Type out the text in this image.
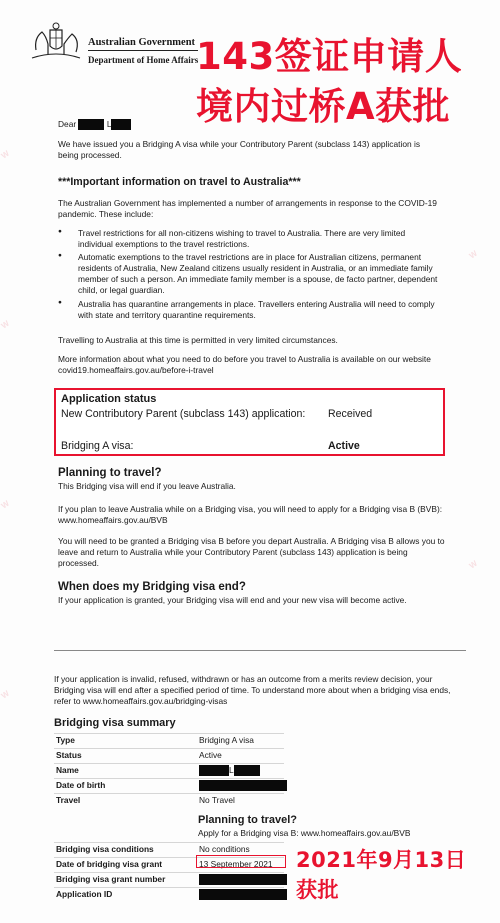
W
W
W
W
W
W
Australian Government
Department of Home Affairs
143签证申请人
境内过桥A获批
Dear	L
We have issued you a Bridging A visa while your Contributory Parent (subclass 143) application is being processed.
***Important information on travel to Australia***
The Australian Government has implemented a number of arrangements in response to the COVID-19 pandemic. These include:
● Travel restrictions for all non-citizens wishing to travel to Australia. There are very limited individual exemptions to the travel restrictions.
● Automatic exemptions to the travel restrictions are in place for Australian citizens, permanent residents of Australia, New Zealand citizens usually resident in Australia, or an immediate family member of such a person. An immediate family member is a spouse, de facto partner, dependent child, or legal guardian.
● Australia has quarantine arrangements in place. Travellers entering Australia will need to comply with state and territory quarantine requirements.
Travelling to Australia at this time is permitted in very limited circumstances.
More information about what you need to do before you travel to Australia is available on our website covid19.homeaffairs.gov.au/before-i-travel
Application status
New Contributory Parent (subclass 143) application:	Received
Bridging A visa:	Active
Planning to travel?
This Bridging visa will end if you leave Australia.
If you plan to leave Australia while on a Bridging visa, you will need to apply for a Bridging visa B (BVB): www.homeaffairs.gov.au/BVB
You will need to be granted a Bridging visa B before you depart Australia. A Bridging visa B allows you to leave and return to Australia while your Contributory Parent (subclass 143) application is being processed.
When does my Bridging visa end?
If your application is granted, your Bridging visa will end and your new visa will become active.
If your application is invalid, refused, withdrawn or has an outcome from a merits review decision, your Bridging visa will end after a specified period of time. To understand more about when a bridging visa ends, refer to www.homeaffairs.gov.au/bridging-visas
Bridging visa summary
Type	Bridging A visa
Status	Active
Name	L
Date of birth
Travel	No Travel
Planning to travel?
Apply for a Bridging visa B: www.homeaffairs.gov.au/BVB
Bridging visa conditions	No conditions
Date of bridging visa grant	13 September 2021
Bridging visa grant number
Application ID
2021年9月13日
获批
